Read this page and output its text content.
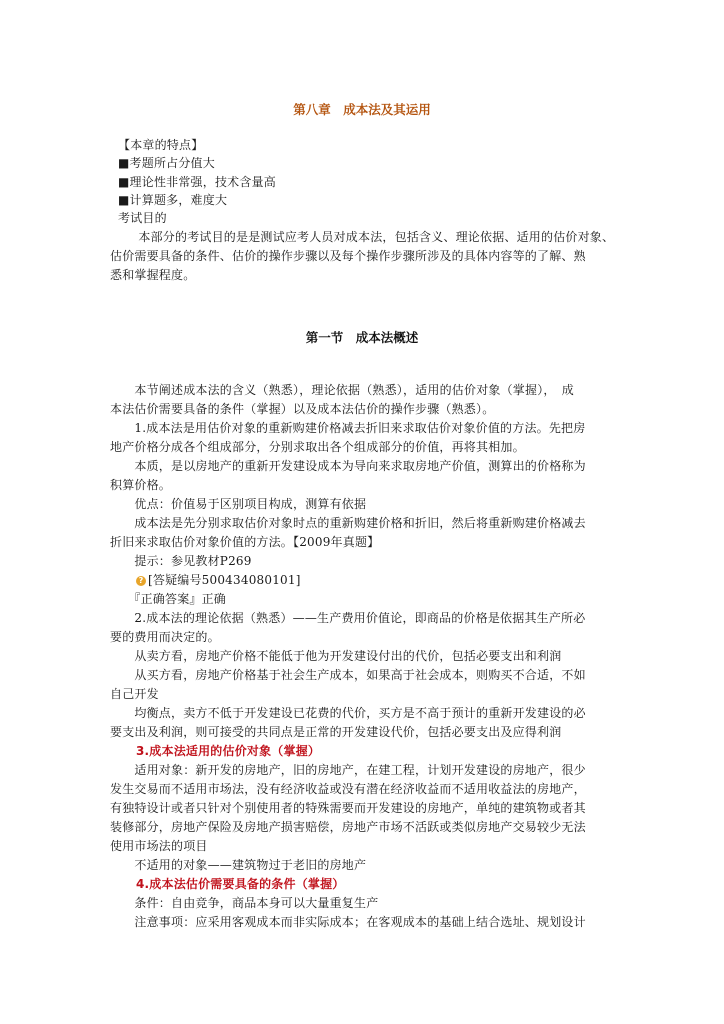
第八章　成本法及其运用
【本章的特点】
■考题所占分值大
■理论性非常强，技术含量高
■计算题多，难度大
考试目的
　　本部分的考试目的是是测试应考人员对成本法，包括含义、理论依据、适用的估价对象、
估价需要具备的条件、估价的操作步骤以及每个操作步骤所涉及的具体内容等的了解、熟
悉和掌握程度。
第一节　成本法概述
　　本节阐述成本法的含义（熟悉），理论依据（熟悉），适用的估价对象（掌握），　成
本法估价需要具备的条件（掌握）以及成本法估价的操作步骤（熟悉）。
　　1.成本法是用估价对象的重新购建价格减去折旧来求取估价对象价值的方法。先把房
地产价格分成各个组成部分，分别求取出各个组成部分的价值，再将其相加。
　　本质，是以房地产的重新开发建设成本为导向来求取房地产价值，测算出的价格称为
积算价格。
　　优点：价值易于区别项目构成，测算有依据
　　成本法是先分别求取估价对象时点的重新购建价格和折旧，然后将重新购建价格减去
折旧来求取估价对象价值的方法。【2009年真题】
　　提示：参见教材P269
? [答疑编号500434080101]
　　『正确答案』正确
　　2.成本法的理论依据（熟悉）——生产费用价值论，即商品的价格是依据其生产所必
要的费用而决定的。
　　从卖方看，房地产价格不能低于他为开发建设付出的代价，包括必要支出和利润
　　从买方看，房地产价格基于社会生产成本，如果高于社会成本，则购买不合适，不如
自己开发
　　均衡点，卖方不低于开发建设已花费的代价，买方是不高于预计的重新开发建设的必
要支出及利润，则可接受的共同点是正常的开发建设代价，包括必要支出及应得利润
3.成本法适用的估价对象（掌握）
　　适用对象：新开发的房地产，旧的房地产，在建工程，计划开发建设的房地产，很少
发生交易而不适用市场法，没有经济收益或没有潜在经济收益而不适用收益法的房地产，
有独特设计或者只针对个别使用者的特殊需要而开发建设的房地产，单纯的建筑物或者其
装修部分，房地产保险及房地产损害赔偿，房地产市场不活跃或类似房地产交易较少无法
使用市场法的项目
　　不适用的对象——建筑物过于老旧的房地产
4.成本法估价需要具备的条件（掌握）
　　条件：自由竞争，商品本身可以大量重复生产
　　注意事项：应采用客观成本而非实际成本；在客观成本的基础上结合选址、规划设计
